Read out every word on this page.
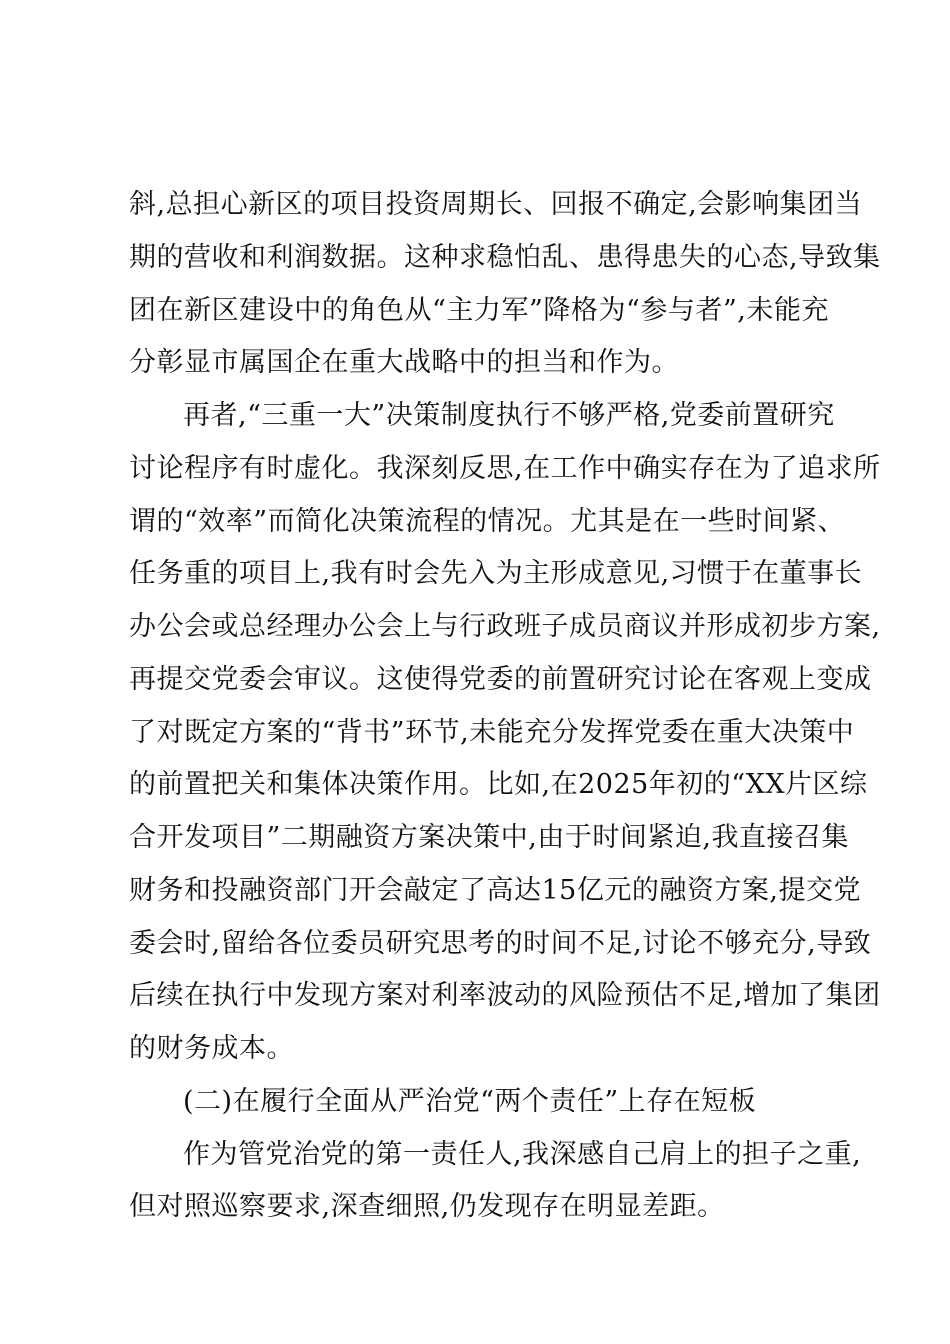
斜,总担心新区的项目投资周期长、回报不确定,会影响集团当
期的营收和利润数据。这种求稳怕乱、患得患失的心态,导致集
团在新区建设中的角色从“主力军”降格为“参与者”,未能充
分彰显市属国企在重大战略中的担当和作为。
再者,“三重一大”决策制度执行不够严格,党委前置研究
讨论程序有时虚化。我深刻反思,在工作中确实存在为了追求所
谓的“效率”而简化决策流程的情况。尤其是在一些时间紧、
任务重的项目上,我有时会先入为主形成意见,习惯于在董事长
办公会或总经理办公会上与行政班子成员商议并形成初步方案,
再提交党委会审议。这使得党委的前置研究讨论在客观上变成
了对既定方案的“背书”环节,未能充分发挥党委在重大决策中
的前置把关和集体决策作用。比如,在2025年初的“XX片区综
合开发项目”二期融资方案决策中,由于时间紧迫,我直接召集
财务和投融资部门开会敲定了高达15亿元的融资方案,提交党
委会时,留给各位委员研究思考的时间不足,讨论不够充分,导致
后续在执行中发现方案对利率波动的风险预估不足,增加了集团
的财务成本。
(二)在履行全面从严治党“两个责任”上存在短板
作为管党治党的第一责任人,我深感自己肩上的担子之重,
但对照巡察要求,深查细照,仍发现存在明显差距。
